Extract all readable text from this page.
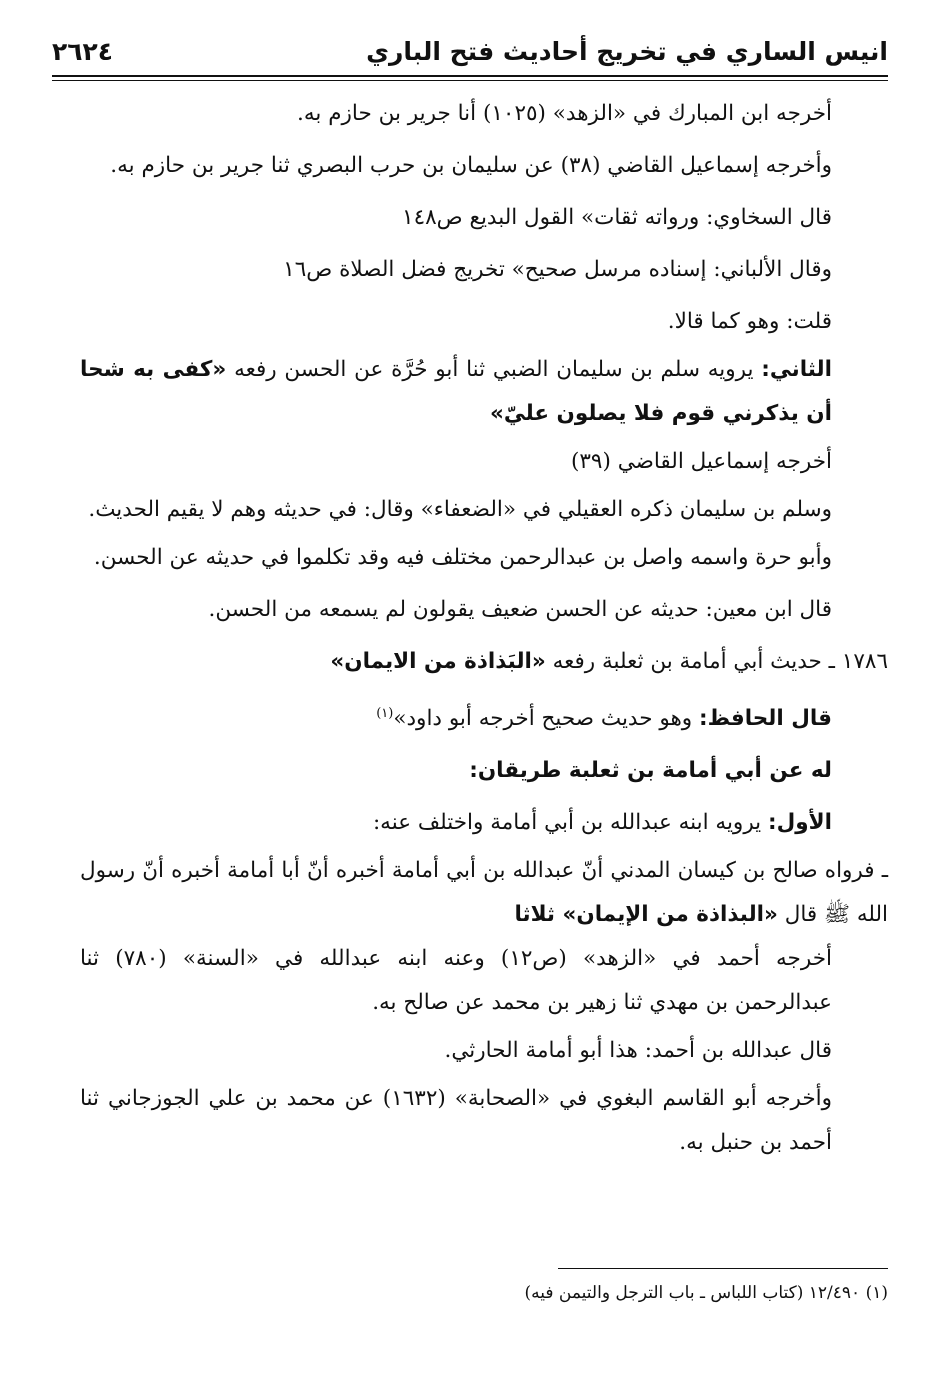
انيس الساري في تخريج أحاديث فتح الباري
٢٦٢٤

أخرجه ابن المبارك في «الزهد» (١٠٢٥) أنا جرير بن حازم به.

وأخرجه إسماعيل القاضي (٣٨) عن سليمان بن حرب البصري ثنا جرير بن حازم به.

قال السخاوي: ورواته ثقات» القول البديع ص١٤٨

وقال الألباني: إسناده مرسل صحيح» تخريج فضل الصلاة ص١٦

قلت: وهو كما قالا.

الثاني: يرويه سلم بن سليمان الضبي ثنا أبو حُرَّة عن الحسن رفعه «كفى به شحا أن يذكرني قوم فلا يصلون عليّ»

أخرجه إسماعيل القاضي (٣٩)

وسلم بن سليمان ذكره العقيلي في «الضعفاء» وقال: في حديثه وهم لا يقيم الحديث.

وأبو حرة واسمه واصل بن عبدالرحمن مختلف فيه وقد تكلموا في حديثه عن الحسن.

قال ابن معين: حديثه عن الحسن ضعيف يقولون لم يسمعه من الحسن.

١٧٨٦ ـ حديث أبي أمامة بن ثعلبة رفعه «البَذاذة من الايمان»

قال الحافظ: وهو حديث صحيح أخرجه أبو داود»$^{(١)}$

له عن أبي أمامة بن ثعلبة طريقان:

الأول: يرويه ابنه عبدالله بن أبي أمامة واختلف عنه:

ـ فرواه صالح بن كيسان المدني أنّ عبدالله بن أبي أمامة أخبره أنّ أبا أمامة أخبره أنّ رسول الله ﷺ قال «البذاذة من الإيمان» ثلاثا

أخرجه أحمد في «الزهد» (ص١٢) وعنه ابنه عبدالله في «السنة» (٧٨٠) ثنا عبدالرحمن بن مهدي ثنا زهير بن محمد عن صالح به.

قال عبدالله بن أحمد: هذا أبو أمامة الحارثي.

وأخرجه أبو القاسم البغوي في «الصحابة» (١٦٣٢) عن محمد بن علي الجوزجاني ثنا أحمد بن حنبل به.

(١) ١٢/٤٩٠ (كتاب اللباس ـ باب الترجل والتيمن فيه)
